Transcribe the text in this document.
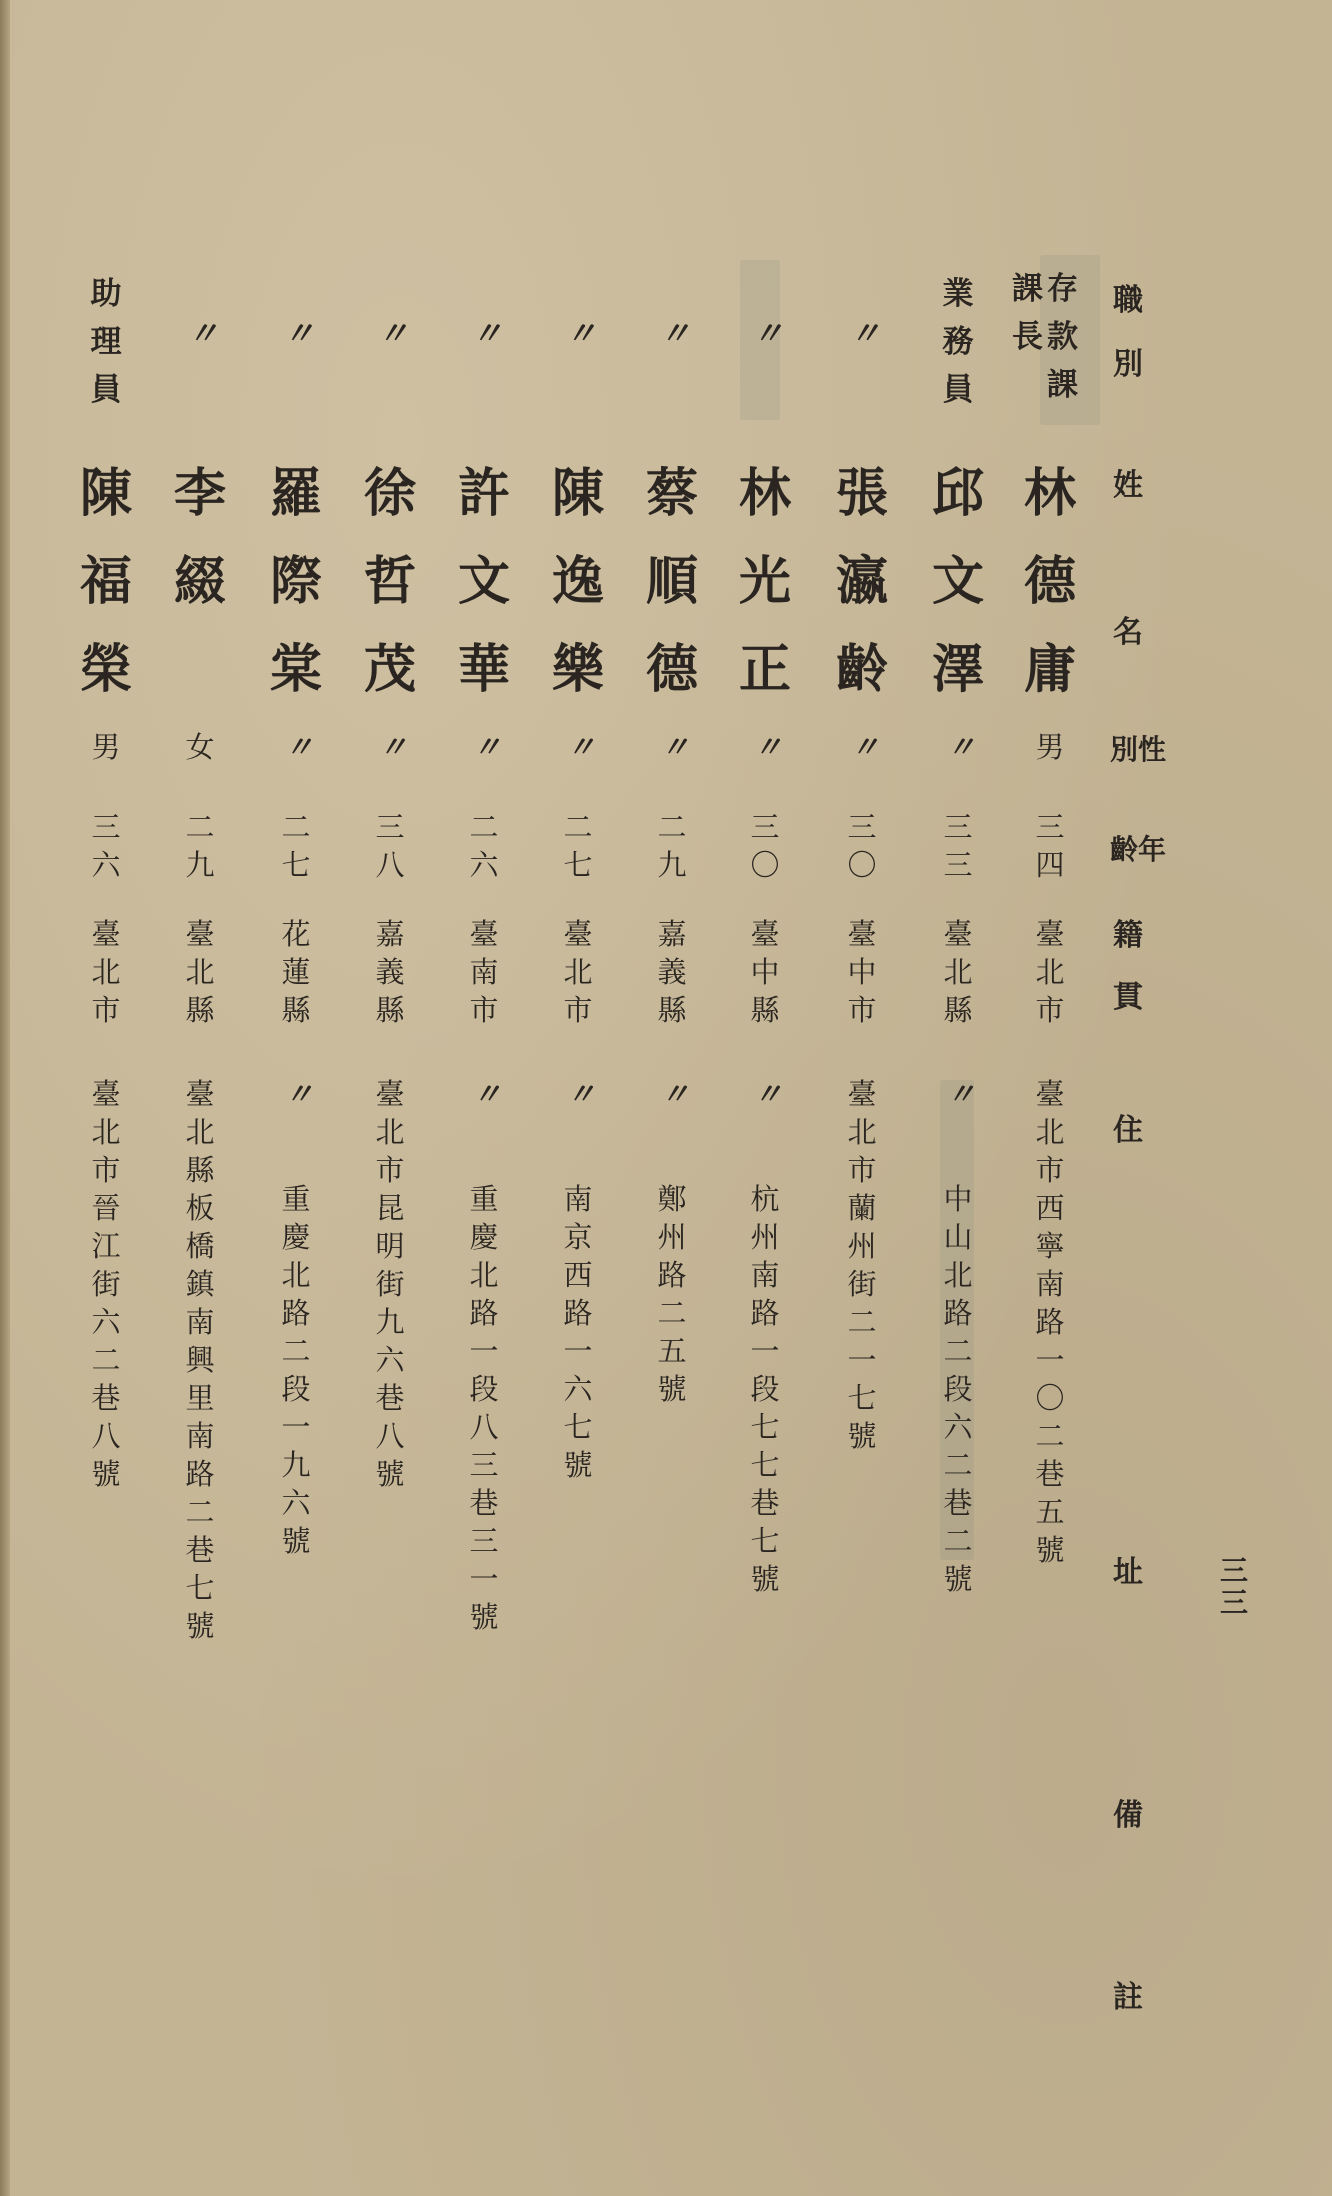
職
別
姓
名
別 性
齡 年
籍
貫
住
址
備
註
存
款
課
課
長
林
德
庸
男
三
四
臺
北
市
臺
北
市
西
寧
南
路
一
〇
二
巷
五
號
業
務
員
邱
文
澤
〃
三
三
臺
北
縣
〃
中
山
北
路
二
段
六
二
巷
二
號
〃
張
瀛
齡
〃
三
〇
臺
中
市
臺
北
市
蘭
州
街
二
一
七
號
〃
林
光
正
〃
三
〇
臺
中
縣
〃
杭
州
南
路
一
段
七
七
巷
七
號
〃
蔡
順
德
〃
二
九
嘉
義
縣
〃
鄭
州
路
二
五
號
〃
陳
逸
樂
〃
二
七
臺
北
市
〃
南
京
西
路
一
六
七
號
〃
許
文
華
〃
二
六
臺
南
市
〃
重
慶
北
路
一
段
八
三
巷
三
一
號
〃
徐
哲
茂
〃
三
八
嘉
義
縣
臺
北
市
昆
明
街
九
六
巷
八
號
〃
羅
際
棠
〃
二
七
花
蓮
縣
〃
重
慶
北
路
二
段
一
九
六
號
〃
李
綴
女
二
九
臺
北
縣
臺
北
縣
板
橋
鎮
南
興
里
南
路
二
巷
七
號
助
理
員
陳
福
榮
男
三
六
臺
北
市
臺
北
市
晉
江
街
六
二
巷
八
號
三三
